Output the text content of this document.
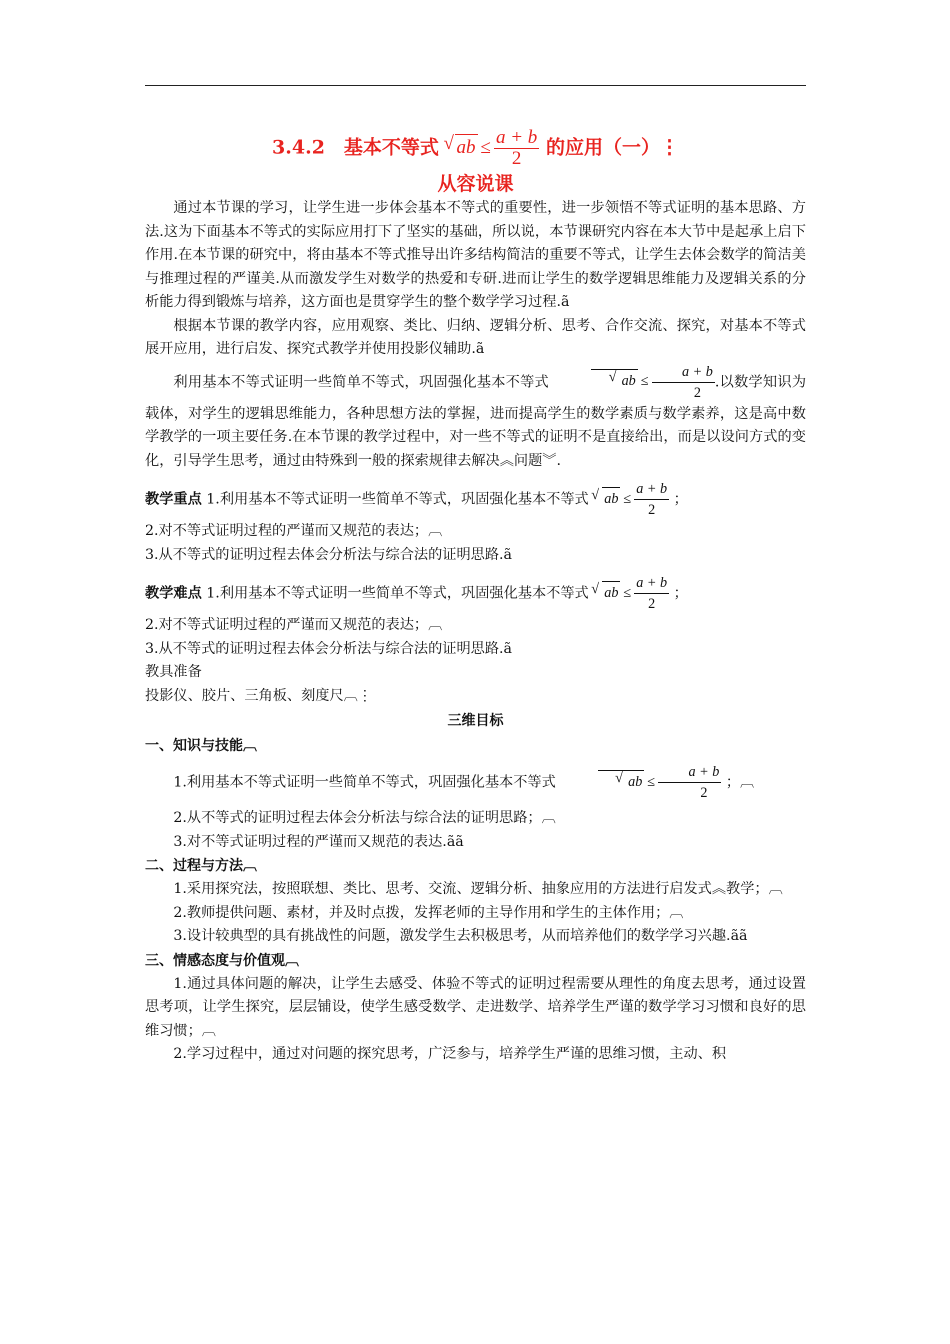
3.4.2　基本不等式 √ ab ≤ $\frac{a + b}{2}$ 的应用（一）⋮
从容说课

通过本节课的学习，让学生进一步体会基本不等式的重要性，进一步领悟不等式证明的基本思路、方法.这为下面基本不等式的实际应用打下了坚实的基础，所以说，本节课研究内容在本大节中是起承上启下作用.在本节课的研究中，将由基本不等式推导出许多结构简洁的重要不等式，让学生去体会数学的简洁美与推理过程的严谨美.从而激发学生对数学的热爱和专研.进而让学生的数学逻辑思维能力及逻辑关系的分析能力得到锻炼与培养，这方面也是贯穿学生的整个数学学习过程.ã

根据本节课的教学内容，应用观察、类比、归纳、逻辑分析、思考、合作交流、探究，对基本不等式展开应用，进行启发、探究式教学并使用投影仪辅助.ã

利用基本不等式证明一些简单不等式，巩固强化基本不等式	√ ab ≤ $\frac{a + b}{2}$ .以数学知识为载体，对学生的逻辑思维能力，各种思想方法的掌握，进而提高学生的数学素质与数学素养，这是高中数学教学的一项主要任务.在本节课的教学过程中，对一些不等式的证明不是直接给出，而是以设问方式的变化，引导学生思考，通过由特殊到一般的探索规律去解决︽问题︾.

教学重点 1.利用基本不等式证明一些简单不等式，巩固强化基本不等式 √ ab ≤ $\frac{a + b}{2}$ ；

2.对不等式证明过程的严谨而又规范的表达；︹

3.从不等式的证明过程去体会分析法与综合法的证明思路.ã

教学难点 1.利用基本不等式证明一些简单不等式，巩固强化基本不等式 √ ab ≤ $\frac{a + b}{2}$ ；

2.对不等式证明过程的严谨而又规范的表达；︹

3.从不等式的证明过程去体会分析法与综合法的证明思路.ã

教具准备

投影仪、胶片、三角板、刻度尺︹⋮

三维目标
一、知识与技能︹

1.利用基本不等式证明一些简单不等式，巩固强化基本不等式	√ ab ≤ $\frac{a + b}{2}$ ；︹

2.从不等式的证明过程去体会分析法与综合法的证明思路；︹

3.对不等式证明过程的严谨而又规范的表达.ãã

二、过程与方法︹

1.采用探究法，按照联想、类比、思考、交流、逻辑分析、抽象应用的方法进行启发式︽教学；︹

2.教师提供问题、素材，并及时点拨，发挥老师的主导作用和学生的主体作用；︹

3.设计较典型的具有挑战性的问题，激发学生去积极思考，从而培养他们的数学学习兴趣.ãã

三、情感态度与价值观︹

1.通过具体问题的解决，让学生去感受、体验不等式的证明过程需要从理性的角度去思考，通过设置思考项，让学生探究，层层铺设，使学生感受数学、走进数学、培养学生严谨的数学学习习惯和良好的思维习惯；︹

2.学习过程中，通过对问题的探究思考，广泛参与，培养学生严谨的思维习惯，主动、积
